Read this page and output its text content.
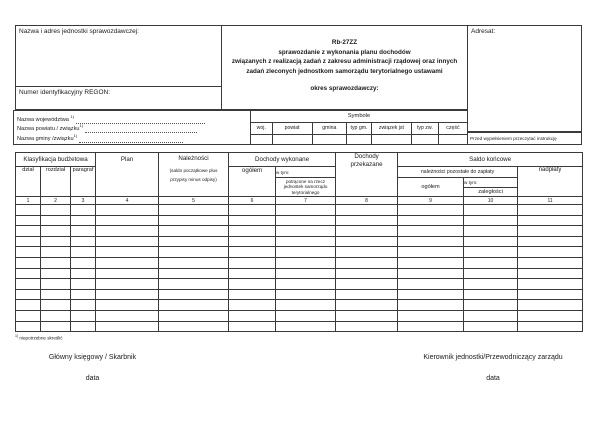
Nazwa i adres jednostki sprawozdawczej:
Numer identyfikacyjny REGON:
Rb-27ZZ
sprawozdanie z wykonania planu dochodów
związanych z realizacją zadań z zakresu administracji rządowej oraz innych
zadań zleconych jednostkom samorządu terytorialnego ustawami
okres sprawozdawczy:
Adresat:
Nazwa województwa $^{1)}$
Nazwa powiatu / związku$^{1)}$
Nazwa gminy /związku$^{1)}$
Symbole
woj.	powiat	gmina	typ gm.	związek jst	typ zw.	część
Przed wypełnieniem przeczytać instrukcję
Klasyfikacja budżetowa	Plan	Należności
(saldo początkowe plus
przypisy minus odpisy)
	Dochody wykonane	Dochody
przekazane
	Saldo końcowe
dział	rozdział	paragraf			ogółem	w tym:		należności pozostałe do zapłaty		nadpłaty
						potrącone na rzecz jednostek samorządu terytorialnego		ogółem	w tym:	
									zaległości	
1	2	3	4	5	6	7	8	9	10	11

$^{1)}$ niepotrzebne skreślić
Główny księgowy / Skarbnik
data
Kierownik jednostki/Przewodniczący zarządu
data
